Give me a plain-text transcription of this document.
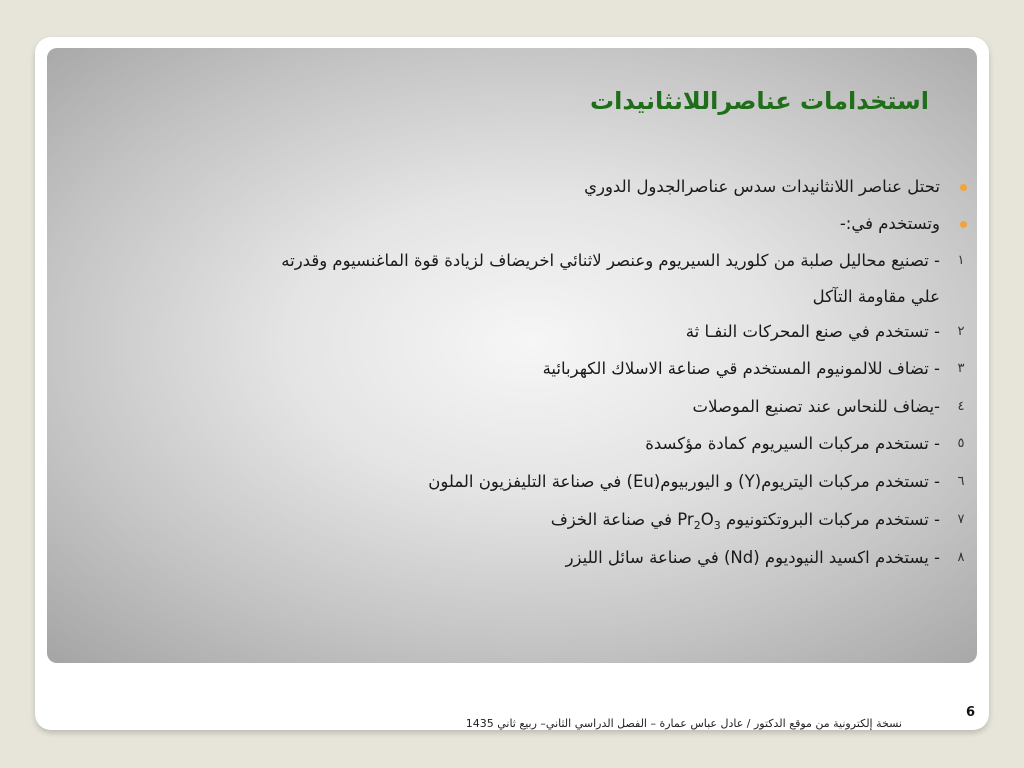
استخدامات عناصراللانثانيدات
تحتل عناصر اللانثانيدات سدس عناصرالجدول الدوري
وتستخدم في:-
١
- تصنيع محاليل صلبة من كلوريد السيريوم وعنصر لاثنائي اخريضاف لزيادة قوة الماغنسيوم وقدرته
علي مقاومة التآكل
٢
- تستخدم في صنع المحركات النفـا ثة
٣
- تضاف للالمونيوم المستخدم قي صناعة الاسلاك الكهربائية
٤
-يضاف للنحاس عند تصنيع الموصلات
٥
- تستخدم مركبات السيريوم كمادة مؤكسدة
٦
- تستخدم مركبات اليتريوم(Y) و اليوربيوم(Eu) في صناعة التليفزيون الملون
٧
- تستخدم مركبات البروتكتونيوم $Pr_2O_3$ في صناعة الخزف
٨
- يستخدم اكسيد النيوديوم (Nd) في صناعة سائل الليزر
6
نسخة إلكترونية من موقع الدكتور / عادل عباس عمارة – الفصل الدراسي الثاني– ربيع ثاني 1435
